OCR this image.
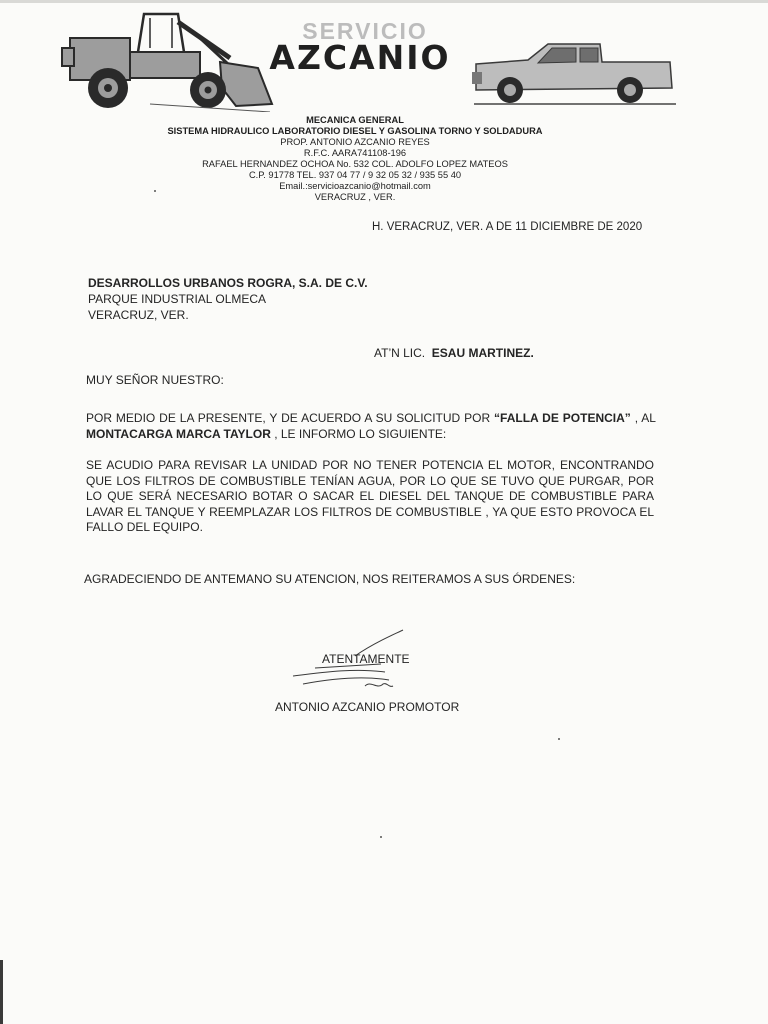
SERVICIO
AZCANIO
MECANICA GENERAL
SISTEMA HIDRAULICO LABORATORIO DIESEL Y GASOLINA TORNO Y SOLDADURA
PROP. ANTONIO AZCANIO REYES
R.F.C. AARA741108-196
RAFAEL HERNANDEZ OCHOA No. 532 COL. ADOLFO LOPEZ MATEOS
C.P. 91778 TEL. 937 04 77 / 9 32 05 32 / 935 55 40
Email.:servicioazcanio@hotmail.com
VERACRUZ , VER.
H. VERACRUZ, VER. A DE 11 DICIEMBRE DE 2020
DESARROLLOS URBANOS ROGRA, S.A. DE C.V.
PARQUE INDUSTRIAL OLMECA
VERACRUZ, VER.
AT’N LIC. ESAU MARTINEZ.
MUY SEÑOR NUESTRO:
POR MEDIO DE LA PRESENTE, Y DE ACUERDO A SU SOLICITUD POR “FALLA DE POTENCIA” , AL
MONTACARGA MARCA TAYLOR , LE INFORMO LO SIGUIENTE:
SE ACUDIO PARA REVISAR LA UNIDAD POR NO TENER POTENCIA EL MOTOR, ENCONTRANDO
QUE LOS FILTROS DE COMBUSTIBLE TENÍAN AGUA, POR LO QUE SE TUVO QUE PURGAR, POR
LO QUE SERÁ NECESARIO BOTAR O SACAR EL DIESEL DEL TANQUE DE COMBUSTIBLE PARA
LAVAR EL TANQUE Y REEMPLAZAR LOS FILTROS DE COMBUSTIBLE , YA QUE ESTO PROVOCA EL
FALLO DEL EQUIPO.
AGRADECIENDO DE ANTEMANO SU ATENCION, NOS REITERAMOS A SUS ÓRDENES:
ATENTAMENTE
ANTONIO AZCANIO PROMOTOR
